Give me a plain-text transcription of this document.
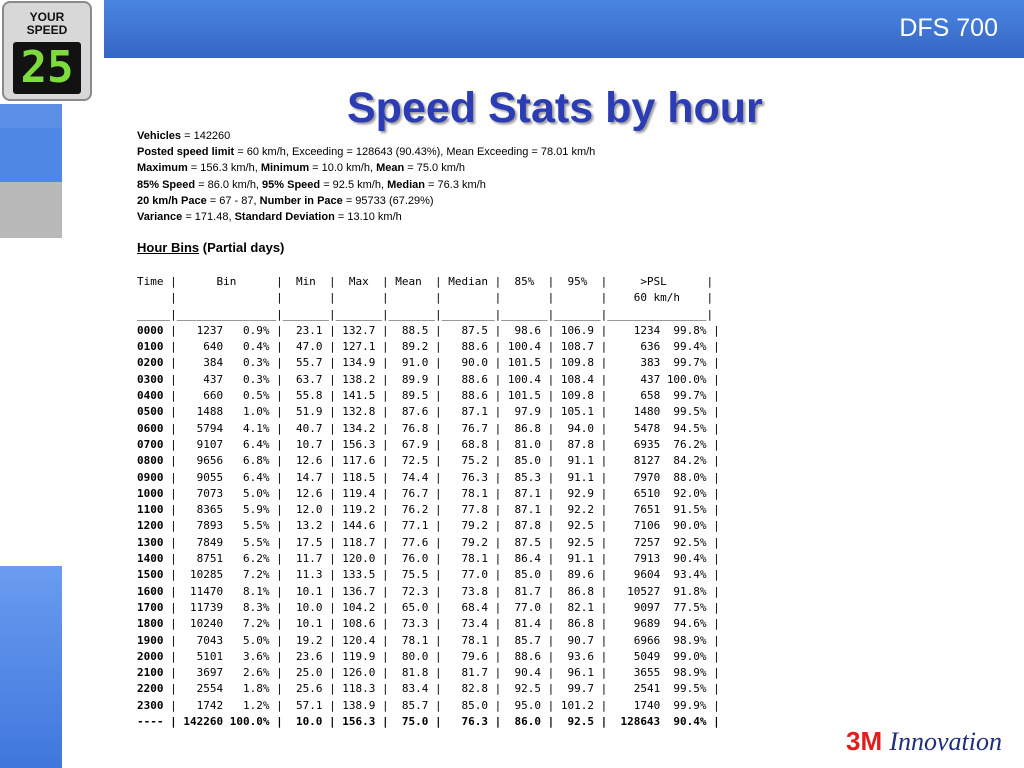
DFS 700
YOUR
SPEED
25
Speed Stats by hour
Vehicles = 142260
Posted speed limit = 60 km/h, Exceeding = 128643 (90.43%), Mean Exceeding = 78.01 km/h
Maximum = 156.3 km/h, Minimum = 10.0 km/h, Mean = 75.0 km/h
85% Speed = 86.0 km/h, 95% Speed = 92.5 km/h, Median = 76.3 km/h
20 km/h Pace = 67 - 87, Number in Pace = 95733 (67.29%)
Variance = 171.48, Standard Deviation = 13.10 km/h
Hour Bins (Partial days)
Time |      Bin      |  Min  |  Max  | Mean  | Median |  85%  |  95%  |     >PSL      |
|               |       |       |       |        |       |       |    60 km/h    |
_____|_______________|_______|_______|_______|________|_______|_______|_______________|
0000 |   1237   0.9% |  23.1 | 132.7 |  88.5 |   87.5 |  98.6 | 106.9 |    1234  99.8% |
0100 |    640   0.4% |  47.0 | 127.1 |  89.2 |   88.6 | 100.4 | 108.7 |     636  99.4% |
0200 |    384   0.3% |  55.7 | 134.9 |  91.0 |   90.0 | 101.5 | 109.8 |     383  99.7% |
0300 |    437   0.3% |  63.7 | 138.2 |  89.9 |   88.6 | 100.4 | 108.4 |     437 100.0% |
0400 |    660   0.5% |  55.8 | 141.5 |  89.5 |   88.6 | 101.5 | 109.8 |     658  99.7% |
0500 |   1488   1.0% |  51.9 | 132.8 |  87.6 |   87.1 |  97.9 | 105.1 |    1480  99.5% |
0600 |   5794   4.1% |  40.7 | 134.2 |  76.8 |   76.7 |  86.8 |  94.0 |    5478  94.5% |
0700 |   9107   6.4% |  10.7 | 156.3 |  67.9 |   68.8 |  81.0 |  87.8 |    6935  76.2% |
0800 |   9656   6.8% |  12.6 | 117.6 |  72.5 |   75.2 |  85.0 |  91.1 |    8127  84.2% |
0900 |   9055   6.4% |  14.7 | 118.5 |  74.4 |   76.3 |  85.3 |  91.1 |    7970  88.0% |
1000 |   7073   5.0% |  12.6 | 119.4 |  76.7 |   78.1 |  87.1 |  92.9 |    6510  92.0% |
1100 |   8365   5.9% |  12.0 | 119.2 |  76.2 |   77.8 |  87.1 |  92.2 |    7651  91.5% |
1200 |   7893   5.5% |  13.2 | 144.6 |  77.1 |   79.2 |  87.8 |  92.5 |    7106  90.0% |
1300 |   7849   5.5% |  17.5 | 118.7 |  77.6 |   79.2 |  87.5 |  92.5 |    7257  92.5% |
1400 |   8751   6.2% |  11.7 | 120.0 |  76.0 |   78.1 |  86.4 |  91.1 |    7913  90.4% |
1500 |  10285   7.2% |  11.3 | 133.5 |  75.5 |   77.0 |  85.0 |  89.6 |    9604  93.4% |
1600 |  11470   8.1% |  10.1 | 136.7 |  72.3 |   73.8 |  81.7 |  86.8 |   10527  91.8% |
1700 |  11739   8.3% |  10.0 | 104.2 |  65.0 |   68.4 |  77.0 |  82.1 |    9097  77.5% |
1800 |  10240   7.2% |  10.1 | 108.6 |  73.3 |   73.4 |  81.4 |  86.8 |    9689  94.6% |
1900 |   7043   5.0% |  19.2 | 120.4 |  78.1 |   78.1 |  85.7 |  90.7 |    6966  98.9% |
2000 |   5101   3.6% |  23.6 | 119.9 |  80.0 |   79.6 |  88.6 |  93.6 |    5049  99.0% |
2100 |   3697   2.6% |  25.0 | 126.0 |  81.8 |   81.7 |  90.4 |  96.1 |    3655  98.9% |
2200 |   2554   1.8% |  25.6 | 118.3 |  83.4 |   82.8 |  92.5 |  99.7 |    2541  99.5% |
2300 |   1742   1.2% |  57.1 | 138.9 |  85.7 |   85.0 |  95.0 | 101.2 |    1740  99.9% |
---- | 142260 100.0% |  10.0 | 156.3 |  75.0 |   76.3 |  86.0 |  92.5 |  128643  90.4% |
3M Innovation
